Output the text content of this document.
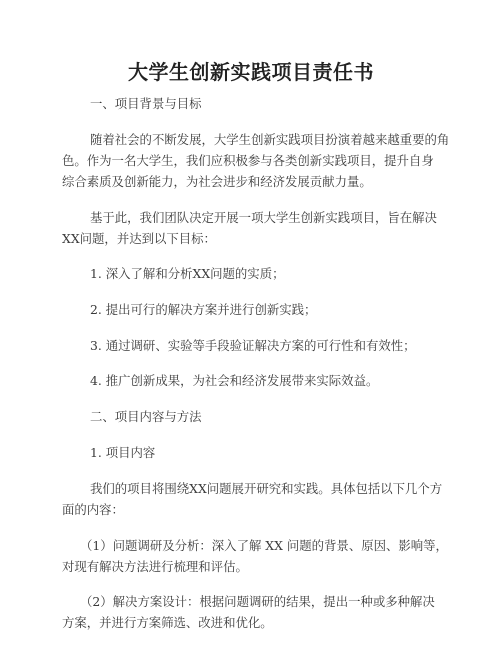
大学生创新实践项目责任书
一、项目背景与目标
随着社会的不断发展，大学生创新实践项目扮演着越来越重要的角
色。作为一名大学生，我们应积极参与各类创新实践项目，提升自身
综合素质及创新能力，为社会进步和经济发展贡献力量。
基于此，我们团队决定开展一项大学生创新实践项目，旨在解决
XX问题，并达到以下目标：
1. 深入了解和分析XX问题的实质；
2. 提出可行的解决方案并进行创新实践；
3. 通过调研、实验等手段验证解决方案的可行性和有效性；
4. 推广创新成果，为社会和经济发展带来实际效益。
二、项目内容与方法
1. 项目内容
我们的项目将围绕XX问题展开研究和实践。具体包括以下几个方
面的内容：
（1）问题调研及分析：深入了解 XX 问题的背景、原因、影响等，
对现有解决方法进行梳理和评估。
（2）解决方案设计：根据问题调研的结果，提出一种或多种解决
方案，并进行方案筛选、改进和优化。
